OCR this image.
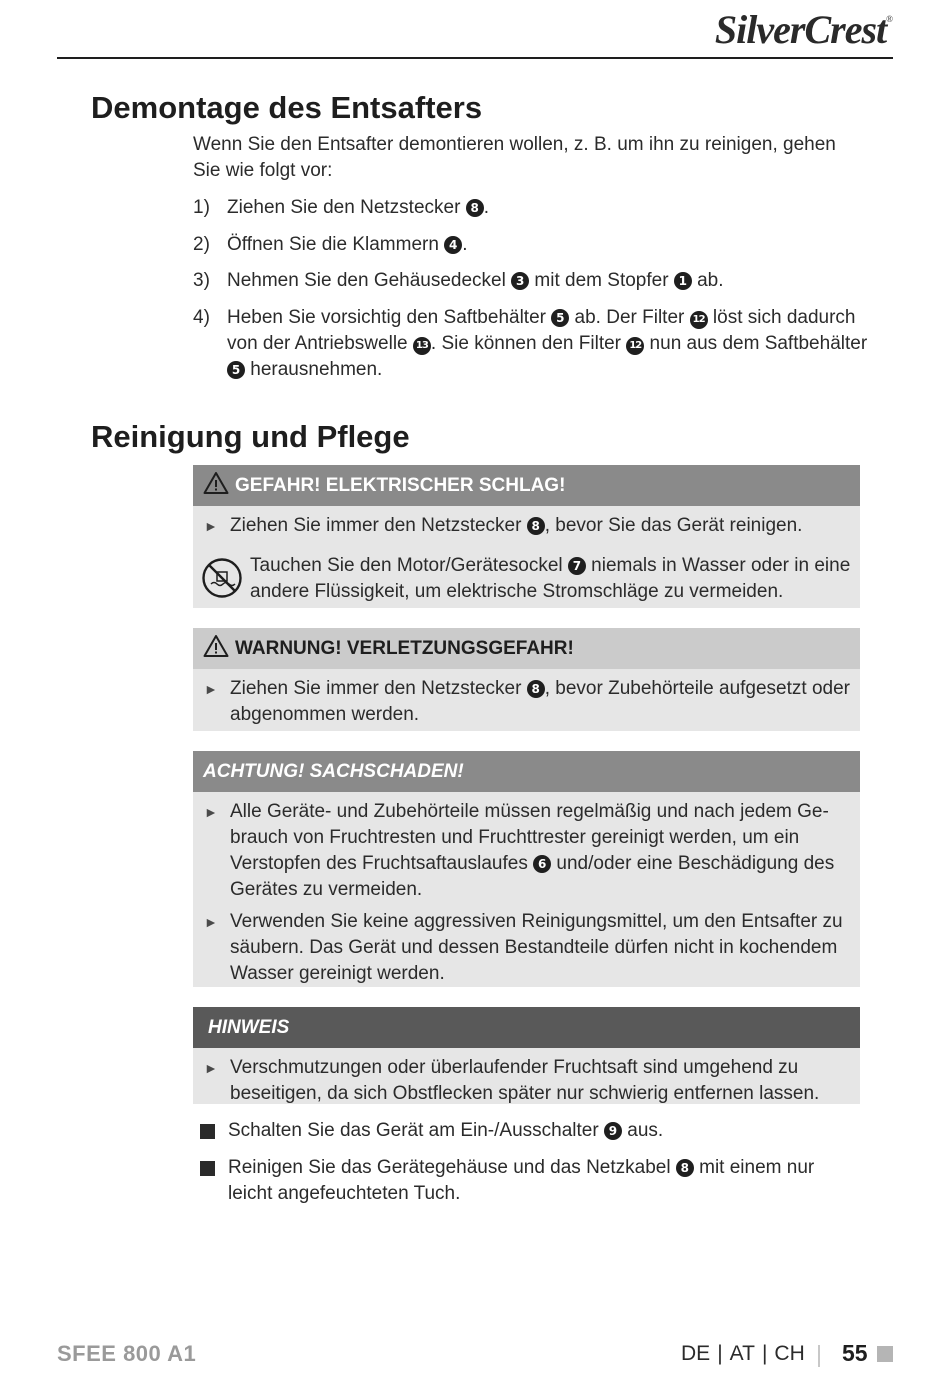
SilverCrest®
Demontage des Entsafters
Wenn Sie den Entsafter demontieren wollen, z. B. um ihn zu reinigen, gehen Sie wie folgt vor:
1) Ziehen Sie den Netzstecker 8 .
2) Öffnen Sie die Klammern 4 .
3) Nehmen Sie den Gehäusedeckel 3 mit dem Stopfer 1 ab.
4) Heben Sie vorsichtig den Saftbehälter 5 ab. Der Filter 12 löst sich dadurch von der Antriebswelle 13 . Sie können den Filter 12 nun aus dem Saftbehälter 5 herausnehmen.
Reinigung und Pflege
GEFAHR! ELEKTRISCHER SCHLAG!
► Ziehen Sie immer den Netzstecker 8 , bevor Sie das Gerät reinigen.
Tauchen Sie den Motor/Gerätesockel 7 niemals in Wasser oder in eine andere Flüssigkeit, um elektrische Stromschläge zu vermeiden.
WARNUNG! VERLETZUNGSGEFAHR!
► Ziehen Sie immer den Netzstecker 8 , bevor Zubehörteile aufgesetzt oder abgenommen werden.
ACHTUNG! SACHSCHADEN!
► Alle Geräte- und Zubehörteile müssen regelmäßig und nach jedem Gebrauch von Fruchtresten und Fruchttrester gereinigt werden, um ein Verstopfen des Fruchtsaftauslaufes 6 und/oder eine Beschädigung des Gerätes zu vermeiden.
► Verwenden Sie keine aggressiven Reinigungsmittel, um den Entsafter zu säubern. Das Gerät und dessen Bestandteile dürfen nicht in kochendem Wasser gereinigt werden.
HINWEIS
► Verschmutzungen oder überlaufender Fruchtsaft sind umgehend zu beseitigen, da sich Obstflecken später nur schwierig entfernen lassen.
Schalten Sie das Gerät am Ein-/Ausschalter 9 aus.
Reinigen Sie das Gerätegehäuse und das Netzkabel 8 mit einem nur leicht angefeuchteten Tuch.
SFEE 800 A1	DE | AT | CH 55
